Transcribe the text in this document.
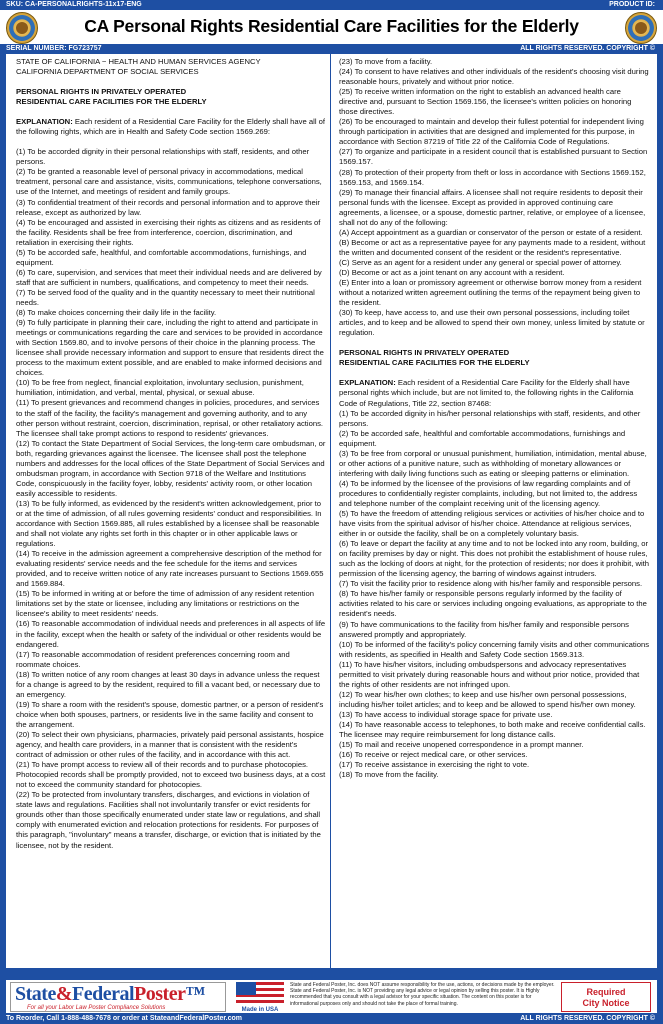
SKU: CA-PERSONALRIGHTS-11x17-ENG	PRODUCT ID:
CA Personal Rights Residential Care Facilities for the Elderly
SERIAL NUMBER: FG723757	ALL RIGHTS RESERVED. COPYRIGHT ©

STATE OF CALIFORNIA − HEALTH AND HUMAN SERVICES AGENCY

CALIFORNIA DEPARTMENT OF SOCIAL SERVICES

PERSONAL RIGHTS IN PRIVATELY OPERATED

RESIDENTIAL CARE FACILITIES FOR THE ELDERLY

EXPLANATION: Each resident of a Residential Care Facility for the Elderly shall have all of the following rights, which are in Health and Safety Code section 1569.269:

(1) To be accorded dignity in their personal relationships with staff, residents, and other persons.

(2) To be granted a reasonable level of personal privacy in accommodations, medical treatment, personal care and assistance, visits, communications, telephone conversations, use of the Internet, and meetings of resident and family groups.

(3) To confidential treatment of their records and personal information and to approve their release, except as authorized by law.

(4) To be encouraged and assisted in exercising their rights as citizens and as residents of the facility. Residents shall be free from interference, coercion, discrimination, and retaliation in exercising their rights.

(5) To be accorded safe, healthful, and comfortable accommodations, furnishings, and equipment.

(6) To care, supervision, and services that meet their individual needs and are delivered by staff that are sufficient in numbers, qualifications, and competency to meet their needs.

(7) To be served food of the quality and in the quantity necessary to meet their nutritional needs.

(8) To make choices concerning their daily life in the facility.

(9) To fully participate in planning their care, including the right to attend and participate in meetings or communications regarding the care and services to be provided in accordance with Section 1569.80, and to involve persons of their choice in the planning process. The licensee shall provide necessary information and support to ensure that residents direct the process to the maximum extent possible, and are enabled to make informed decisions and choices.

(10) To be free from neglect, financial exploitation, involuntary seclusion, punishment, humiliation, intimidation, and verbal, mental, physical, or sexual abuse.

(11) To present grievances and recommend changes in policies, procedures, and services to the staff of the facility, the facility's management and governing authority, and to any other person without restraint, coercion, discrimination, reprisal, or other retaliatory actions. The licensee shall take prompt actions to respond to residents' grievances.

(12) To contact the State Department of Social Services, the long-term care ombudsman, or both, regarding grievances against the licensee. The licensee shall post the telephone numbers and addresses for the local offices of the State Department of Social Services and ombudsman program, in accordance with Section 9718 of the Welfare and Institutions Code, conspicuously in the facility foyer, lobby, residents' activity room, or other location easily accessible to residents.

(13) To be fully informed, as evidenced by the resident's written acknowledgement, prior to or at the time of admission, of all rules governing residents' conduct and responsibilities. In accordance with Section 1569.885, all rules established by a licensee shall be reasonable and shall not violate any rights set forth in this chapter or in other applicable laws or regulations.

(14) To receive in the admission agreement a comprehensive description of the method for evaluating residents' service needs and the fee schedule for the items and services provided, and to receive written notice of any rate increases pursuant to Sections 1569.655 and 1569.884.

(15) To be informed in writing at or before the time of admission of any resident retention limitations set by the state or licensee, including any limitations or restrictions on the licensee's ability to meet residents' needs.

(16) To reasonable accommodation of individual needs and preferences in all aspects of life in the facility, except when the health or safety of the individual or other residents would be endangered.

(17) To reasonable accommodation of resident preferences concerning room and roommate choices.

(18) To written notice of any room changes at least 30 days in advance unless the request for a change is agreed to by the resident, required to fill a vacant bed, or necessary due to an emergency.

(19) To share a room with the resident's spouse, domestic partner, or a person of resident's choice when both spouses, partners, or residents live in the same facility and consent to the arrangement.

(20) To select their own physicians, pharmacies, privately paid personal assistants, hospice agency, and health care providers, in a manner that is consistent with the resident's contract of admission or other rules of the facility, and in accordance with this act.

(21) To have prompt access to review all of their records and to purchase photocopies. Photocopied records shall be promptly provided, not to exceed two business days, at a cost not to exceed the community standard for photocopies.

(22) To be protected from involuntary transfers, discharges, and evictions in violation of state laws and regulations. Facilities shall not involuntarily transfer or evict residents for grounds other than those specifically enumerated under state law or regulations, and shall comply with enumerated eviction and relocation protections for residents. For purposes of this paragraph, "involuntary" means a transfer, discharge, or eviction that is initiated by the licensee, not by the resident.

(23) To move from a facility.

(24) To consent to have relatives and other individuals of the resident's choosing visit during reasonable hours, privately and without prior notice.

(25) To receive written information on the right to establish an advanced health care directive and, pursuant to Section 1569.156, the licensee's written policies on honoring those directives.

(26) To be encouraged to maintain and develop their fullest potential for independent living through participation in activities that are designed and implemented for this purpose, in accordance with Section 87219 of Title 22 of the California Code of Regulations.

(27) To organize and participate in a resident council that is established pursuant to Section 1569.157.

(28) To protection of their property from theft or loss in accordance with Sections 1569.152, 1569.153, and 1569.154.

(29) To manage their financial affairs. A licensee shall not require residents to deposit their personal funds with the licensee. Except as provided in approved continuing care agreements, a licensee, or a spouse, domestic partner, relative, or employee of a licensee, shall not do any of the following:

(A) Accept appointment as a guardian or conservator of the person or estate of a resident.

(B) Become or act as a representative payee for any payments made to a resident, without the written and documented consent of the resident or the resident's representative.

(C) Serve as an agent for a resident under any general or special power of attorney.

(D) Become or act as a joint tenant on any account with a resident.

(E) Enter into a loan or promissory agreement or otherwise borrow money from a resident without a notarized written agreement outlining the terms of the repayment being given to the resident.

(30) To keep, have access to, and use their own personal possessions, including toilet articles, and to keep and be allowed to spend their own money, unless limited by statute or regulation.

PERSONAL RIGHTS IN PRIVATELY OPERATED

RESIDENTIAL CARE FACILITIES FOR THE ELDERLY

EXPLANATION: Each resident of a Residential Care Facility for the Elderly shall have personal rights which include, but are not limited to, the following rights in the California Code of Regulations, Title 22, section 87468:

(1) To be accorded dignity in his/her personal relationships with staff, residents, and other persons.

(2) To be accorded safe, healthful and comfortable accommodations, furnishings and equipment.

(3) To be free from corporal or unusual punishment, humiliation, intimidation, mental abuse, or other actions of a punitive nature, such as withholding of monetary allowances or interfering with daily living functions such as eating or sleeping patterns or elimination.

(4) To be informed by the licensee of the provisions of law regarding complaints and of procedures to confidentially register complaints, including, but not limited to, the address and telephone number of the complaint receiving unit of the licensing agency.

(5) To have the freedom of attending religious services or activities of his/her choice and to have visits from the spiritual advisor of his/her choice. Attendance at religious services, either in or outside the facility, shall be on a completely voluntary basis.

(6) To leave or depart the facility at any time and to not be locked into any room, building, or on facility premises by day or night. This does not prohibit the establishment of house rules, such as the locking of doors at night, for the protection of residents; nor does it prohibit, with permission of the licensing agency, the barring of windows against intruders.

(7) To visit the facility prior to residence along with his/her family and responsible persons.

(8) To have his/her family or responsible persons regularly informed by the facility of activities related to his care or services including ongoing evaluations, as appropriate to the resident's needs.

(9) To have communications to the facility from his/her family and responsible persons answered promptly and appropriately.

(10) To be informed of the facility's policy concerning family visits and other communications with residents, as specified in Health and Safety Code section 1569.313.

(11) To have his/her visitors, including ombudspersons and advocacy representatives permitted to visit privately during reasonable hours and without prior notice, provided that the rights of other residents are not infringed upon.

(12) To wear his/her own clothes; to keep and use his/her own personal possessions, including his/her toilet articles; and to keep and be allowed to spend his/her own money.

(13) To have access to individual storage space for private use.

(14) To have reasonable access to telephones, to both make and receive confidential calls. The licensee may require reimbursement for long distance calls.

(15) To mail and receive unopened correspondence in a prompt manner.

(16) To receive or reject medical care, or other services.

(17) To receive assistance in exercising the right to vote.

(18) To move from the facility.

State&FederalPoster™
For all your Labor Law Poster Compliance Solutions	Made in USA
State and Federal Poster, Inc. does NOT assume responsibility for the use, actions, or decisions made by the employer. State and Federal Poster, Inc. is NOT providing any legal advice or legal opinion by selling this poster. It is Highly recommended that you consult with a legal advisor for your specific situation. The content on this poster is for informational purposes only and should not take the place of formal training.
Required
City Notice
To Reorder, Call 1-888-488-7678 or order at StateandFederalPoster.com	ALL RIGHTS RESERVED. COPYRIGHT ©
